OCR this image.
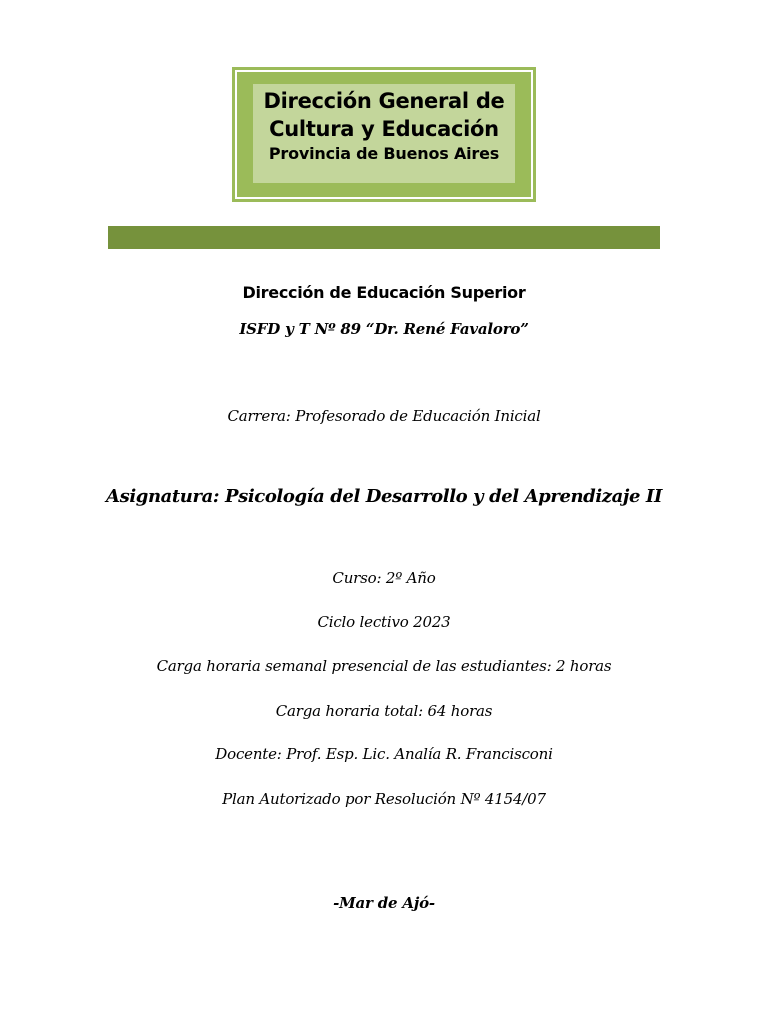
Dirección General de
Cultura y Educación
Provincia de Buenos Aires
Dirección de Educación Superior
ISFD y T Nº 89 “Dr. René Favaloro”
Carrera: Profesorado de Educación Inicial
Asignatura: Psicología del Desarrollo y del Aprendizaje II
Curso: 2º Año
Ciclo lectivo 2023
Carga horaria semanal presencial de las estudiantes: 2 horas
Carga horaria total: 64 horas
Docente: Prof. Esp. Lic. Analía R. Francisconi
Plan Autorizado por Resolución Nº 4154/07
-Mar de Ajó-
